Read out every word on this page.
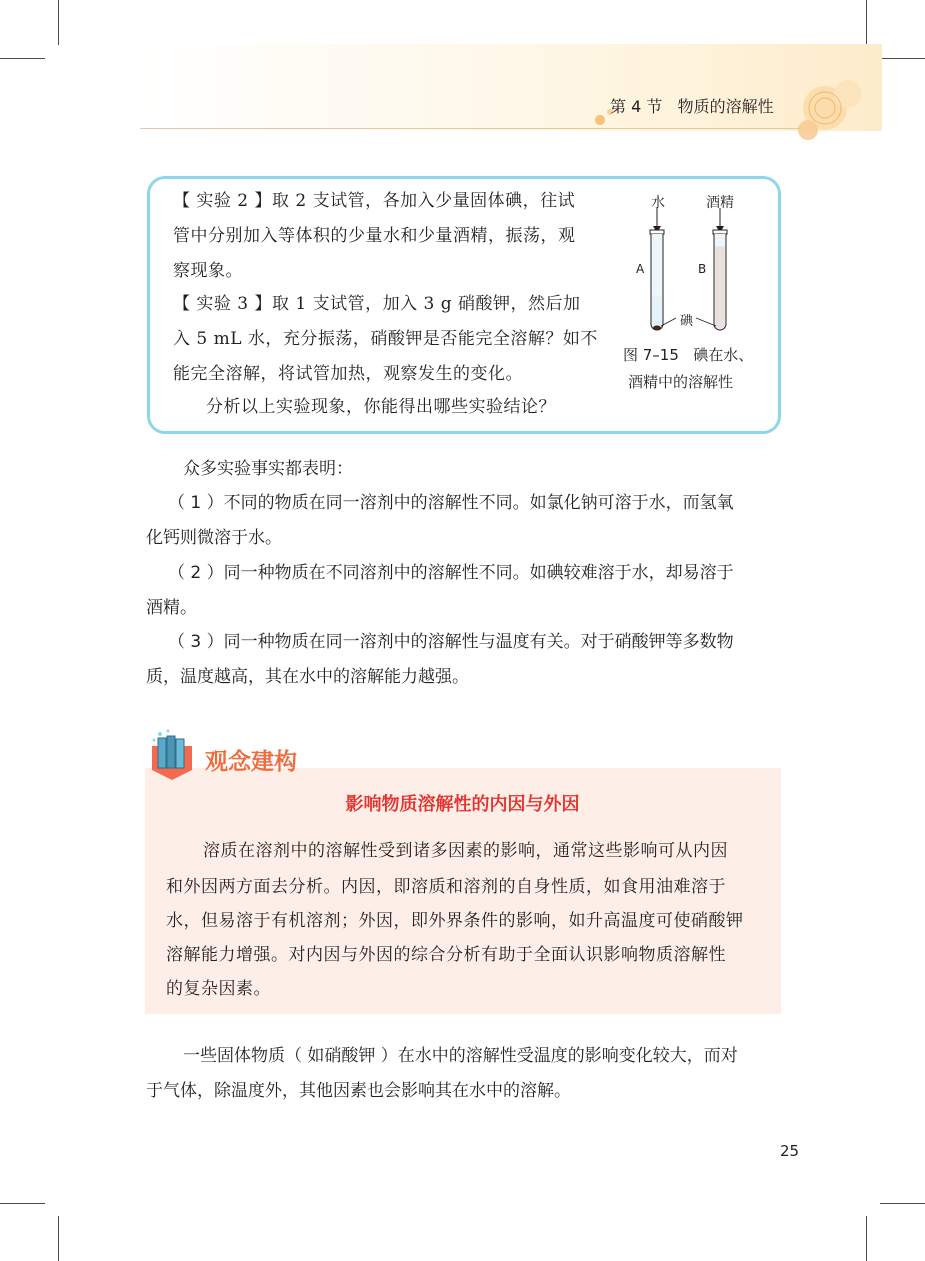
第 4 节   物质的溶解性
【 实验 2 】取 2 支试管，各加入少量固体碘，往试
管中分别加入等体积的少量水和少量酒精，振荡，观
察现象。
【 实验 3 】取 1 支试管，加入 3 g 硝酸钾，然后加
入 5 mL 水，充分振荡，硝酸钾是否能完全溶解？如不
能完全溶解，将试管加热，观察发生的变化。
分析以上实验现象，你能得出哪些实验结论？
水	酒精
A	B
碘
图 7–15   碘在水、
酒精中的溶解性
众多实验事实都表明：
（ 1 ）不同的物质在同一溶剂中的溶解性不同。如氯化钠可溶于水，而氢氧
化钙则微溶于水。
（ 2 ）同一种物质在不同溶剂中的溶解性不同。如碘较难溶于水，却易溶于
酒精。
（ 3 ）同一种物质在同一溶剂中的溶解性与温度有关。对于硝酸钾等多数物
质，温度越高，其在水中的溶解能力越强。
观念建构
影响物质溶解性的内因与外因
溶质在溶剂中的溶解性受到诸多因素的影响，通常这些影响可从内因
和外因两方面去分析。内因，即溶质和溶剂的自身性质，如食用油难溶于
水，但易溶于有机溶剂；外因，即外界条件的影响，如升高温度可使硝酸钾
溶解能力增强。对内因与外因的综合分析有助于全面认识影响物质溶解性
的复杂因素。
一些固体物质（ 如硝酸钾 ）在水中的溶解性受温度的影响变化较大，而对
于气体，除温度外，其他因素也会影响其在水中的溶解。
25
